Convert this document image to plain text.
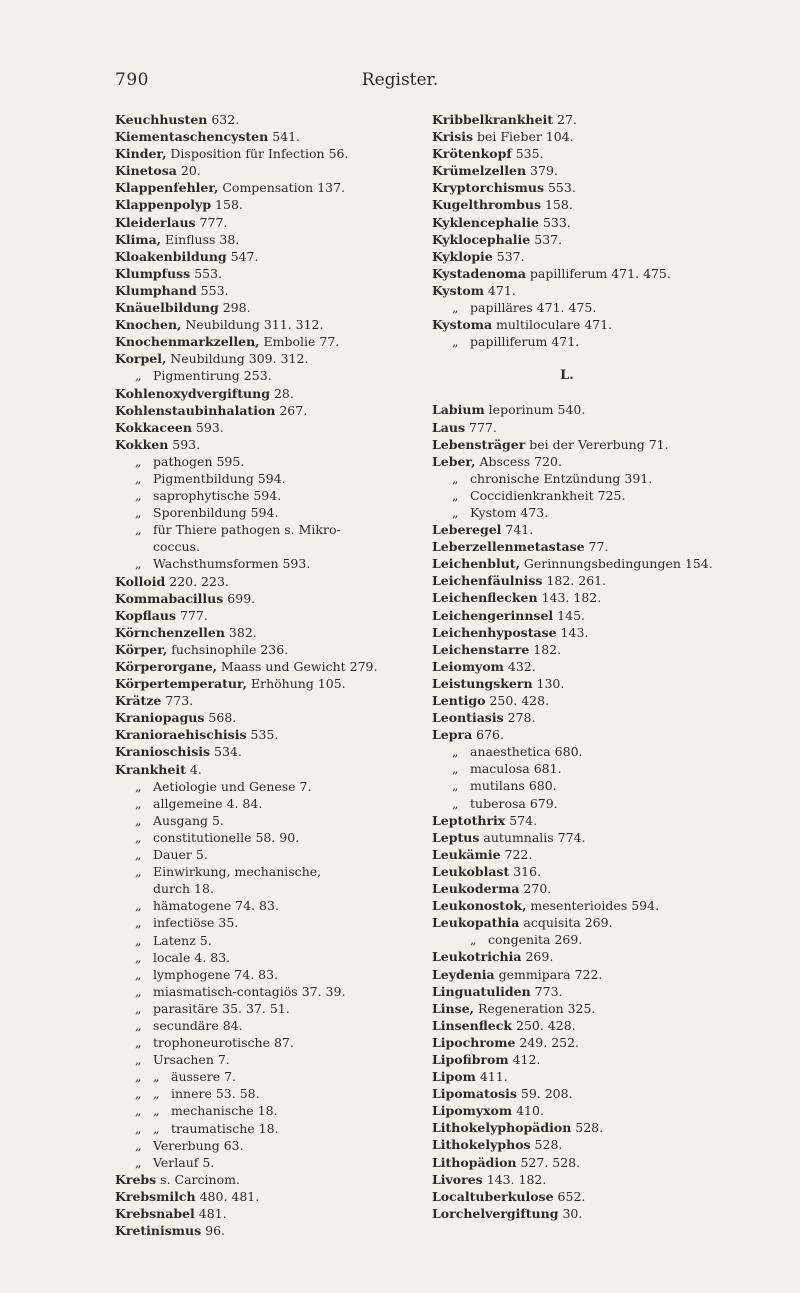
790	Register.
Keuchhusten 632.
Kiementaschencysten 541.
Kinder, Disposition für Infection 56.
Kinetosa 20.
Klappenfehler, Compensation 137.
Klappenpolyp 158.
Kleiderlaus 777.
Klima, Einfluss 38.
Kloakenbildung 547.
Klumpfuss 553.
Klumphand 553.
Knäuelbildung 298.
Knochen, Neubildung 311. 312.
Knochenmarkzellen, Embolie 77.
Korpel, Neubildung 309. 312.
„ Pigmentirung 253.
Kohlenoxydvergiftung 28.
Kohlenstaubinhalation 267.
Kokkaceen 593.
Kokken 593.
„ pathogen 595.
„ Pigmentbildung 594.
„ saprophytische 594.
„ Sporenbildung 594.
„ für Thiere pathogen s. Mikro-
coccus.
„ Wachsthumsformen 593.
Kolloid 220. 223.
Kommabacillus 699.
Kopflaus 777.
Körnchenzellen 382.
Körper, fuchsinophile 236.
Körperorgane, Maass und Gewicht 279.
Körpertemperatur, Erhöhung 105.
Krätze 773.
Kraniopagus 568.
Kranioraehischisis 535.
Kranioschisis 534.
Krankheit 4.
„ Aetiologie und Genese 7.
„ allgemeine 4. 84.
„ Ausgang 5.
„ constitutionelle 58. 90.
„ Dauer 5.
„ Einwirkung, mechanische,
durch 18.
„ hämatogene 74. 83.
„ infectiöse 35.
„ Latenz 5.
„ locale 4. 83.
„ lymphogene 74. 83.
„ miasmatisch-contagiös 37. 39.
„ parasitäre 35. 37. 51.
„ secundäre 84.
„ trophoneurotische 87.
„ Ursachen 7.
„ „ äussere 7.
„ „ innere 53. 58.
„ „ mechanische 18.
„ „ traumatische 18.
„ Vererbung 63.
„ Verlauf 5.
Krebs s. Carcinom.
Krebsmilch 480. 481.
Krebsnabel 481.
Kretinismus 96.
Kribbelkrankheit 27.
Krisis bei Fieber 104.
Krötenkopf 535.
Krümelzellen 379.
Kryptorchismus 553.
Kugelthrombus 158.
Kyklencephalie 533.
Kyklocephalie 537.
Kyklopie 537.
Kystadenoma papilliferum 471. 475.
Kystom 471.
„ papilläres 471. 475.
Kystoma multiloculare 471.
„ papilliferum 471.
L.
Labium leporinum 540.
Laus 777.
Lebensträger bei der Vererbung 71.
Leber, Abscess 720.
„ chronische Entzündung 391.
„ Coccidienkrankheit 725.
„ Kystom 473.
Leberegel 741.
Leberzellenmetastase 77.
Leichenblut, Gerinnungsbedingungen 154.
Leichenfäulniss 182. 261.
Leichenflecken 143. 182.
Leichengerinnsel 145.
Leichenhypostase 143.
Leichenstarre 182.
Leiomyom 432.
Leistungskern 130.
Lentigo 250. 428.
Leontiasis 278.
Lepra 676.
„ anaesthetica 680.
„ maculosa 681.
„ mutilans 680.
„ tuberosa 679.
Leptothrix 574.
Leptus autumnalis 774.
Leukämie 722.
Leukoblast 316.
Leukoderma 270.
Leukonostok, mesenterioides 594.
Leukopathia acquisita 269.
„ congenita 269.
Leukotrichia 269.
Leydenia gemmipara 722.
Linguatuliden 773.
Linse, Regeneration 325.
Linsenfleck 250. 428.
Lipochrome 249. 252.
Lipofibrom 412.
Lipom 411.
Lipomatosis 59. 208.
Lipomyxom 410.
Lithokelyphopädion 528.
Lithokelyphos 528.
Lithopädion 527. 528.
Livores 143. 182.
Localtuberkulose 652.
Lorchelvergiftung 30.
